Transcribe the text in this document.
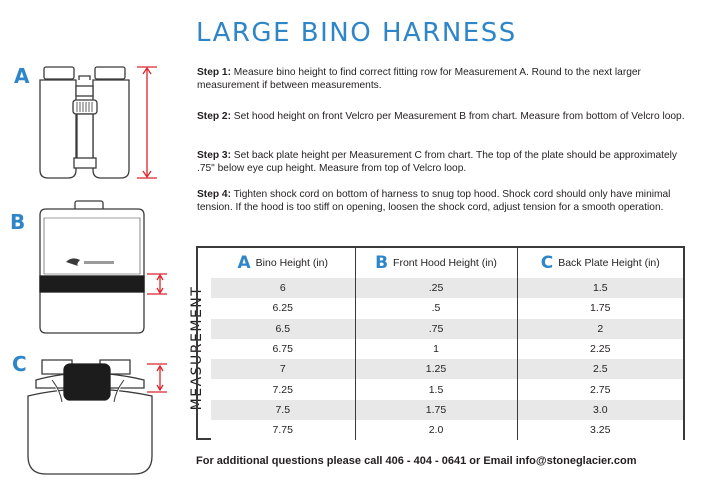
LARGE BINO HARNESS
A
B
C
Step 1: Measure bino height to find correct fitting row for Measurement A. Round to the next larger measurement if between measurements.
Step 2: Set hood height on front Velcro per Measurement B from chart. Measure from bottom of Velcro loop.
Step 3: Set back plate height per Measurement C from chart. The top of the plate should be approximately .75" below eye cup height. Measure from top of Velcro loop.
Step 4: Tighten shock cord on bottom of harness to snug top hood. Shock cord should only have minimal tension. If the hood is too stiff on opening, loosen the shock cord, adjust tension for a smooth operation.
MEASUREMENT
A Bino Height (in)	B Front Hood Height (in)	C Back Plate Height (in)
6	.25	1.5
6.25	.5	1.75
6.5	.75	2
6.75	1	2.25
7	1.25	2.5
7.25	1.5	2.75
7.5	1.75	3.0
7.75	2.0	3.25
For additional questions please call 406 - 404 - 0641 or Email info@stoneglacier.com
